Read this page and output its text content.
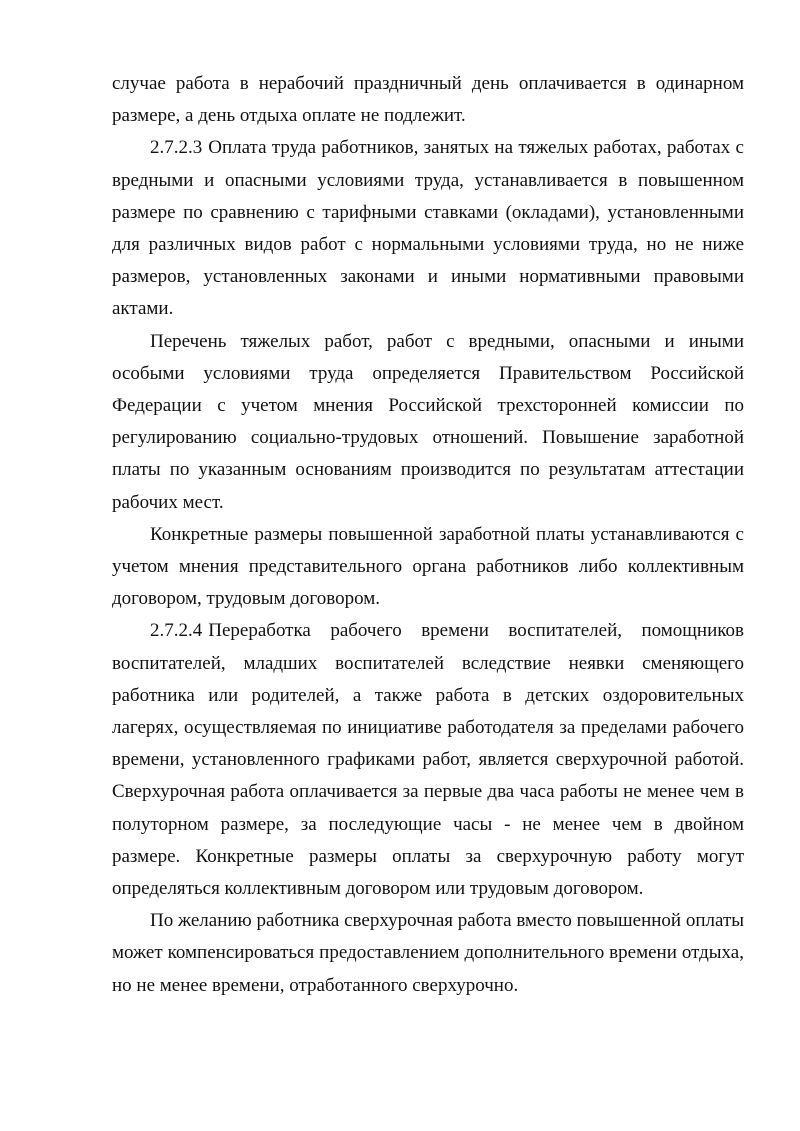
случае работа в нерабочий праздничный день оплачивается в одинарном размере, а день отдыха оплате не подлежит.

2.7.2.3 Оплата труда работников, занятых на тяжелых работах, работах с вредными и опасными условиями труда, устанавливается в повышенном размере по сравнению с тарифными ставками (окладами), установленными для различных видов работ с нормальными условиями труда, но не ниже размеров, установленных законами и иными нормативными правовыми актами.

Перечень тяжелых работ, работ с вредными, опасными и иными особыми условиями труда определяется Правительством Российской Федерации с учетом мнения Российской трехсторонней комиссии по регулированию социально-трудовых отношений. Повышение заработной платы по указанным основаниям производится по результатам аттестации рабочих мест.

Конкретные размеры повышенной заработной платы устанавливаются с учетом мнения представительного органа работников либо коллективным договором, трудовым договором.

2.7.2.4 Переработка рабочего времени воспитателей, помощников воспитателей, младших воспитателей вследствие неявки сменяющего работника или родителей, а также работа в детских оздоровительных лагерях, осуществляемая по инициативе работодателя за пределами рабочего времени, установленного графиками работ, является сверхурочной работой. Сверхурочная работа оплачивается за первые два часа работы не менее чем в полуторном размере, за последующие часы - не менее чем в двойном размере. Конкретные размеры оплаты за сверхурочную работу могут определяться коллективным договором или трудовым договором.

По желанию работника сверхурочная работа вместо повышенной оплаты может компенсироваться предоставлением дополнительного времени отдыха, но не менее времени, отработанного сверхурочно.
